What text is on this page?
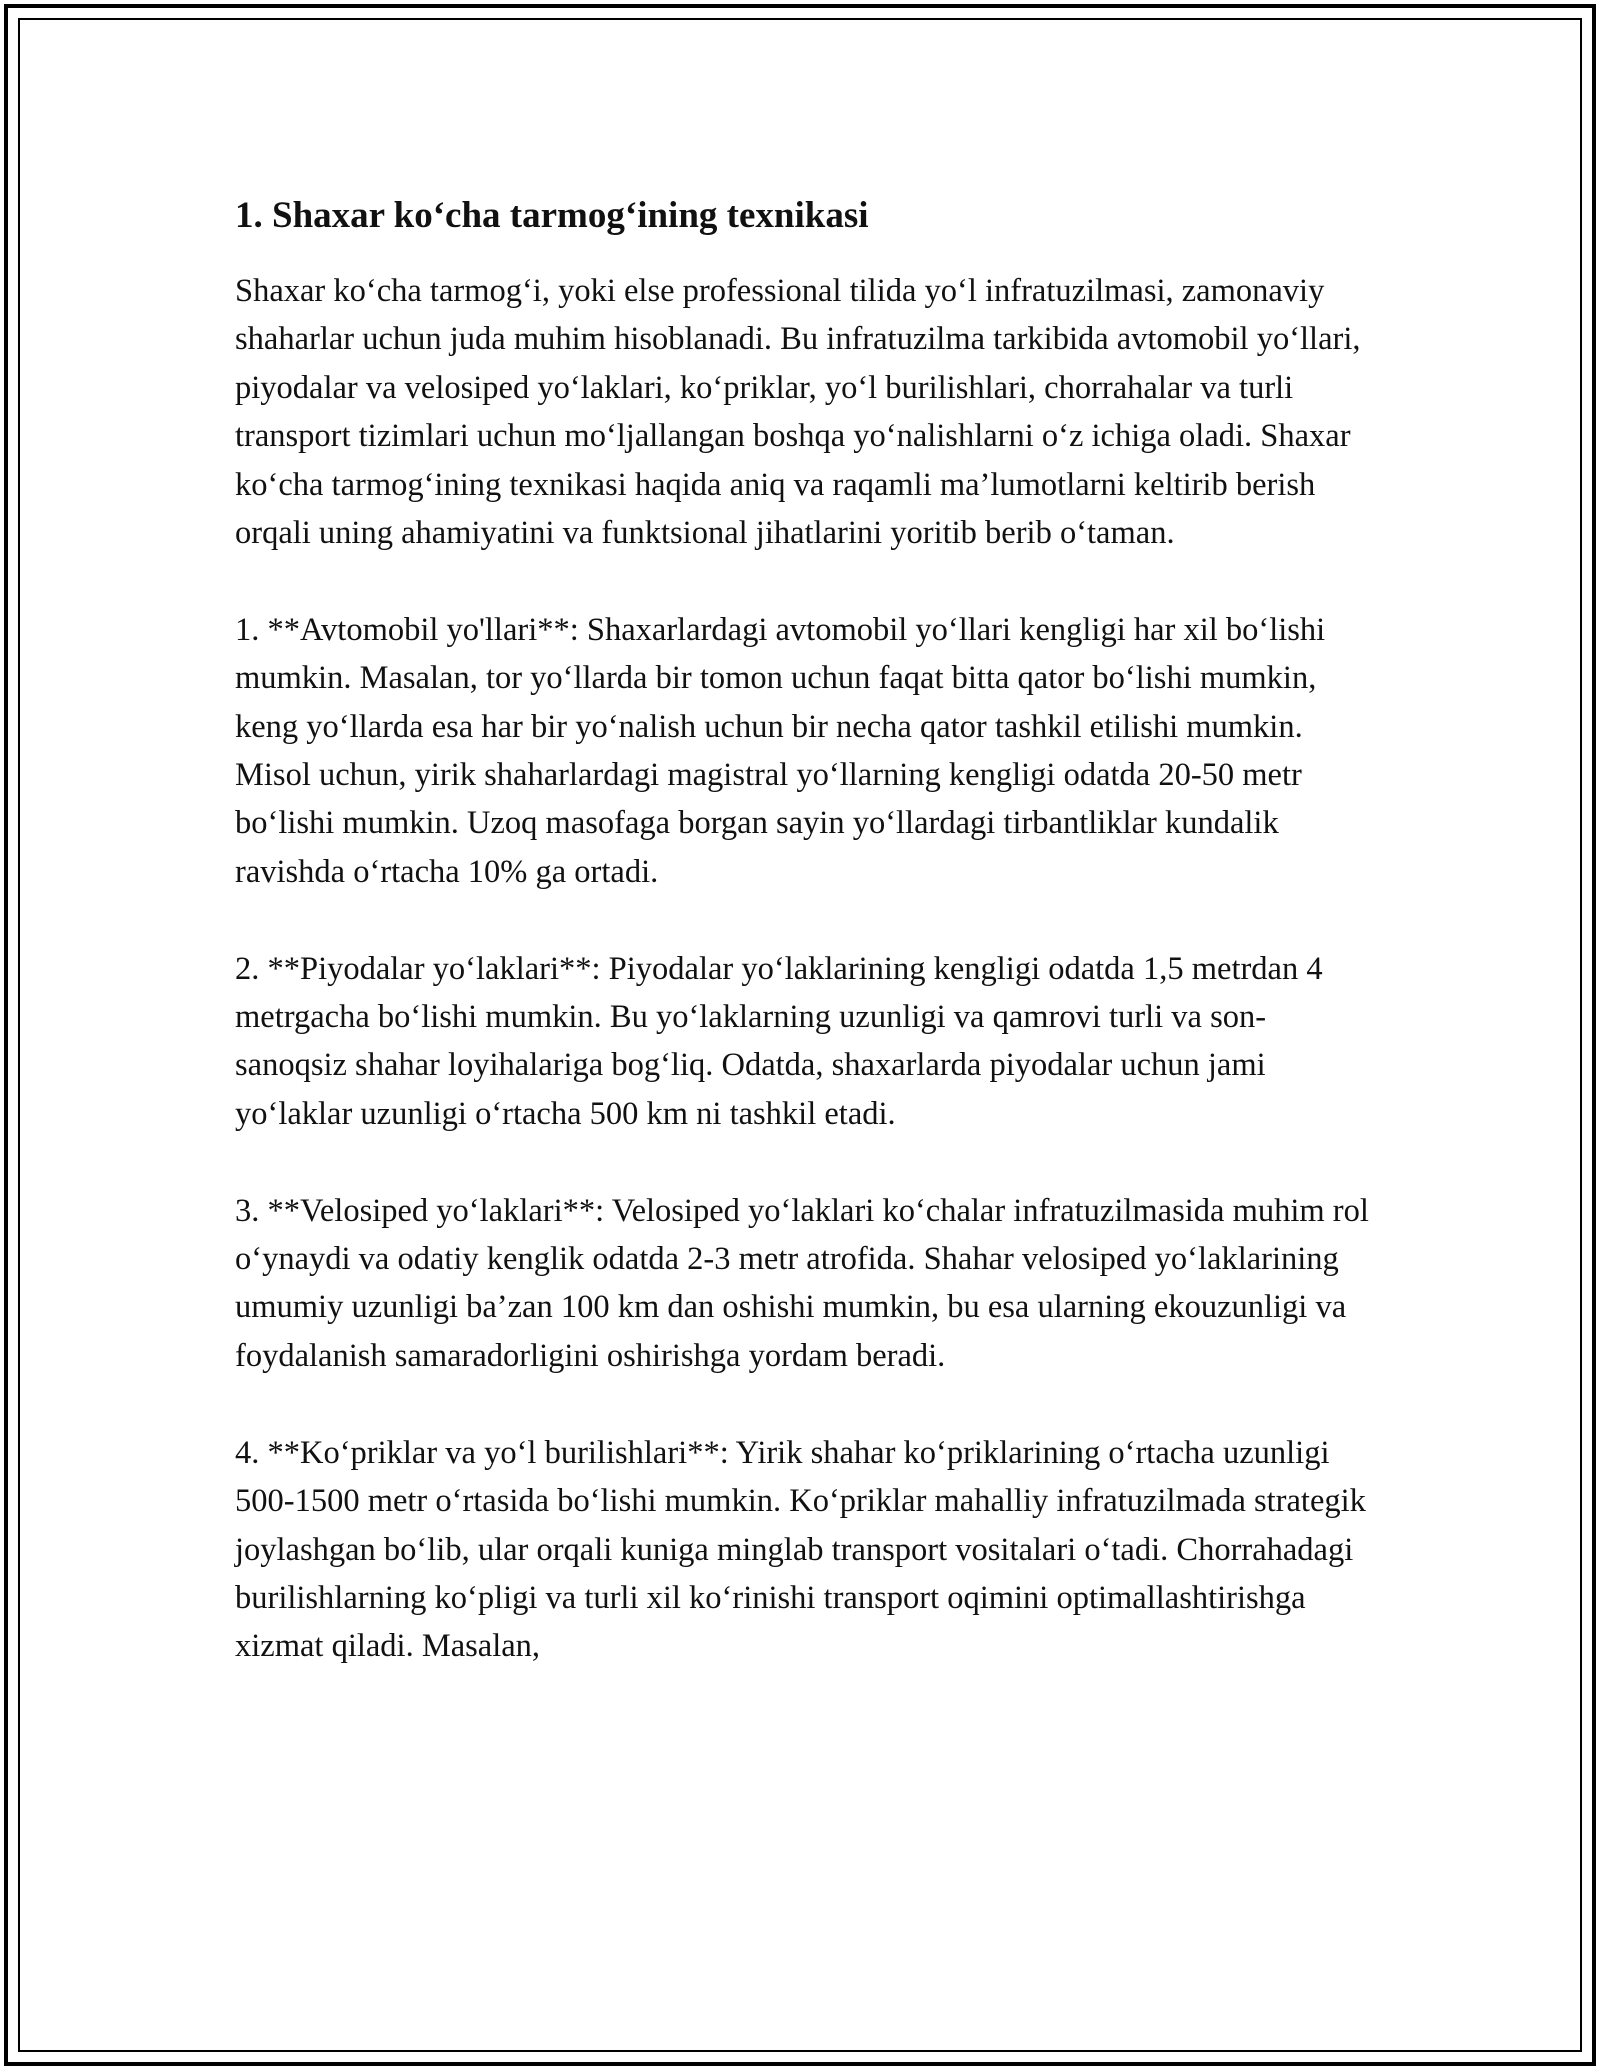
1. Shaxar ko‘cha tarmog‘ining texnikasi

Shaxar ko‘cha tarmog‘i, yoki else professional tilida yo‘l infratuzilmasi, zamonaviy shaharlar uchun juda muhim hisoblanadi. Bu infratuzilma tarkibida avtomobil yo‘llari, piyodalar va velosiped yo‘laklari, ko‘priklar, yo‘l burilishlari, chorrahalar va turli transport tizimlari uchun mo‘ljallangan boshqa yo‘nalishlarni o‘z ichiga oladi. Shaxar ko‘cha tarmog‘ining texnikasi haqida aniq va raqamli ma’lumotlarni keltirib berish orqali uning ahamiyatini va funktsional jihatlarini yoritib berib o‘taman.

1. **Avtomobil yo'llari**: Shaxarlardagi avtomobil yo‘llari kengligi har xil bo‘lishi mumkin. Masalan, tor yo‘llarda bir tomon uchun faqat bitta qator bo‘lishi mumkin, keng yo‘llarda esa har bir yo‘nalish uchun bir necha qator tashkil etilishi mumkin. Misol uchun, yirik shaharlardagi magistral yo‘llarning kengligi odatda 20-50 metr bo‘lishi mumkin. Uzoq masofaga borgan sayin yo‘llardagi tirbantliklar kundalik ravishda o‘rtacha 10% ga ortadi.

2. **Piyodalar yo‘laklari**: Piyodalar yo‘laklarining kengligi odatda 1,5 metrdan 4 metrgacha bo‘lishi mumkin. Bu yo‘laklarning uzunligi va qamrovi turli va son-sanoqsiz shahar loyihalariga bog‘liq. Odatda, shaxarlarda piyodalar uchun jami yo‘laklar uzunligi o‘rtacha 500 km ni tashkil etadi.

3. **Velosiped yo‘laklari**: Velosiped yo‘laklari ko‘chalar infratuzilmasida muhim rol o‘ynaydi va odatiy kenglik odatda 2-3 metr atrofida. Shahar velosiped yo‘laklarining umumiy uzunligi ba’zan 100 km dan oshishi mumkin, bu esa ularning ekouzunligi va foydalanish samaradorligini oshirishga yordam beradi.

4. **Ko‘priklar va yo‘l burilishlari**: Yirik shahar ko‘priklarining o‘rtacha uzunligi 500-1500 metr o‘rtasida bo‘lishi mumkin. Ko‘priklar mahalliy infratuzilmada strategik joylashgan bo‘lib, ular orqali kuniga minglab transport vositalari o‘tadi. Chorrahadagi burilishlarning ko‘pligi va turli xil ko‘rinishi transport oqimini optimallashtirishga xizmat qiladi. Masalan,
